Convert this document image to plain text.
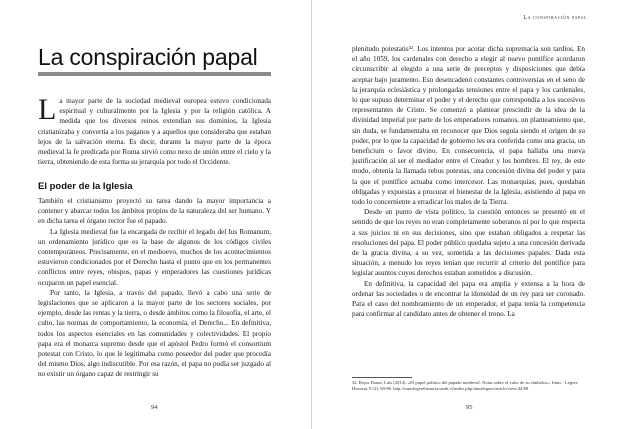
La conspiración papal
La mayor parte de la sociedad medieval europea estuvo condicionada espiritual y culturalmente por la Iglesia y por la religión católica. A medida que los diversos reinos extendían sus dominios, la Iglesia cristianizaba y convertía a los paganos y a aquellos que consideraba que estaban lejos de la salvación eterna. Es decir, durante la mayor parte de la época medieval la fe predicada por Roma sirvió como nexo de unión entre el cielo y la tierra, obteniendo de esta forma su jerarquía por todo el Occidente.
El poder de la Iglesia

También el cristianismo proyectó su tarea dando la mayor importancia a contener y abarcar todos los ámbitos propios de la naturaleza del ser humano. Y en dicha tarea el órgano rector fue el papado.

La Iglesia medieval fue la encargada de recibir el legado del Ius Romanum, un ordenamiento jurídico que es la base de algunos de los códigos civiles contemporáneos. Precisamente, en el medioevo, muchos de los acontecimientos estuvieron condicionados por el Derecho hasta el punto que en los permanentes conflictos entre reyes, obispos, papas y emperadores las cuestiones jurídicas ocuparon un papel esencial.

Por tanto, la Iglesia, a través del papado, llevó a cabo una serie de legislaciones que se aplicaron a la mayor parte de los sectores sociales, por ejemplo, desde las rentas y la tierra, o desde ámbitos como la filosofía, el arte, el culto, las normas de comportamiento, la economía, el Derecho... En definitiva, todos los aspectos esenciales en las comunidades y colectividades. El propio papa era el monarca supremo desde que el apóstol Pedro formó el consortium potestat con Cristo, lo que le legitimaba como poseedor del poder que procedía del mismo Dios, algo indiscutible. Por esa razón, el papa no podía ser juzgado al no existir un órgano capaz de restringir su

94
La conspiración papal

plenitudo potestatis³². Los intentos por acotar dicha supremacía son tardíos. En el año 1059, los cardenales con derecho a elegir al nuevo pontífice acordaron circunscribir al elegido a una serie de preceptos y disposiciones que debía aceptar bajo juramento. Eso desencadenó constantes controversias en el seno de la jerarquía eclesiástica y prolongadas tensiones entre el papa y los cardenales, lo que supuso determinar el poder y el derecho que correspondía a los sucesivos representantes de Cristo. Se comenzó a plantear prescindir de la idea de la divinidad imperial por parte de los emperadores romanos, un planteamiento que, sin duda, se fundamentaba en reconocer que Dios seguía siendo el origen de su poder, por lo que la capacidad de gobierno les era conferida como una gracia, un beneficium o favor divino. En consecuencia, el papa hallaba una nueva justificación al ser el mediador entre el Creador y los hombres. El rey, de este modo, obtenía la llamada rebus potestas, una concesión divina del poder y para la que el pontífice actuaba como intercesor. Las monarquías, pues, quedaban obligadas y expuestas a procurar el bienestar de la Iglesia, asistiendo al papa en todo lo concerniente a erradicar los males de la Tierra.

Desde un punto de vista político, la cuestión entonces se presentó en el sentido de que los reyes no eran completamente soberanos ni por lo que respecta a sus juicios ni en sus decisiones, sino que estaban obligados a respetar las resoluciones del papa. El poder público quedaba sujeto a una concesión derivada de la gracia divina, a su vez, sometida a las decisiones papales. Dada esta situación, a menudo los reyes tenían que recurrir al criterio del pontífice para legislar asuntos cuyos derechos estaban sometidos a discusión.

En definitiva, la capacidad del papa era amplia y extensa a la hora de ordenar las sociedades o de encontrar la idoneidad de un rey para ser coronado. Para el caso del nombramiento de un emperador, el papa tenía la competencia para confirmar al candidato antes de obtener el trono. La

32. Rojas Donat, Luis (2014). «El papel político del papado medieval. Notas sobre el valor de su símbolos». Intus - Legere Historia, 8 (2), 69-86. http://intuslegerehistoria.unab.cl/index.php/intuslegere/article/view/44/68

95
